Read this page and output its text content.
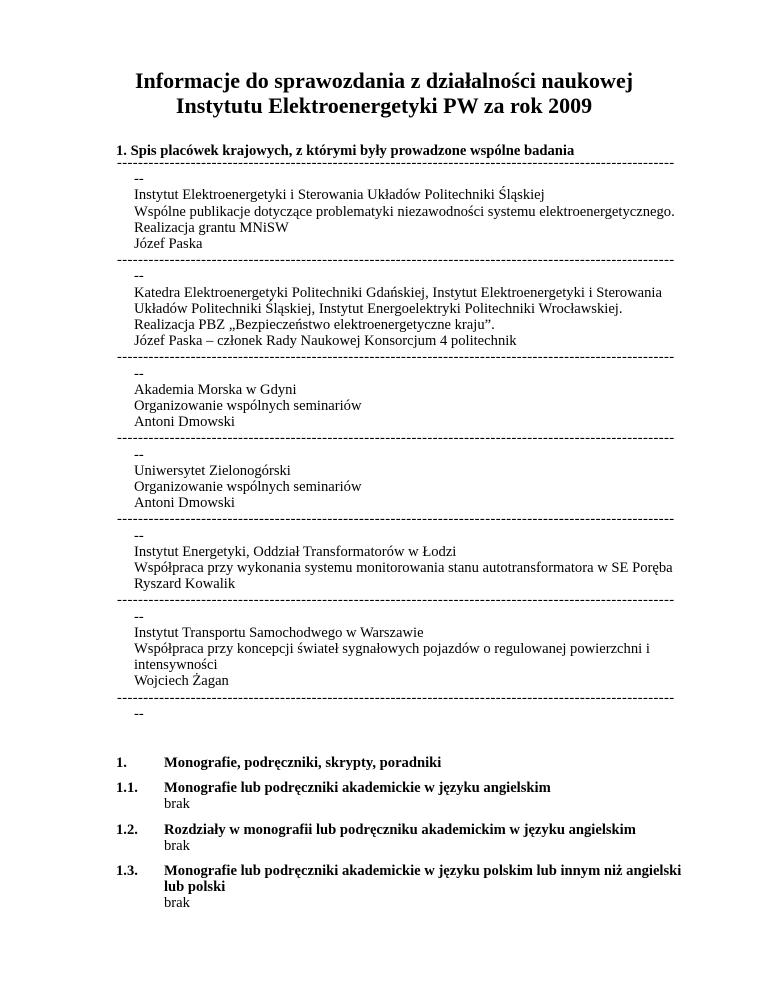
Informacje do sprawozdania z działalności naukowej
Instytutu Elektroenergetyki PW za rok 2009
1. Spis placówek krajowych, z którymi były prowadzone wspólne badania
----------------------------------------------------------------------------------------------------------
--
Instytut Elektroenergetyki i Sterowania Układów Politechniki Śląskiej
Wspólne publikacje dotyczące problematyki niezawodności systemu elektroenergetycznego.
Realizacja grantu MNiSW
Józef Paska
----------------------------------------------------------------------------------------------------------
--
Katedra Elektroenergetyki Politechniki Gdańskiej, Instytut Elektroenergetyki i Sterowania
Układów Politechniki Śląskiej, Instytut Energoelektryki Politechniki Wrocławskiej.
Realizacja PBZ „Bezpieczeństwo elektroenergetyczne kraju”.
Józef Paska – członek Rady Naukowej Konsorcjum 4 politechnik
----------------------------------------------------------------------------------------------------------
--
Akademia Morska w Gdyni
Organizowanie wspólnych seminariów
Antoni Dmowski
----------------------------------------------------------------------------------------------------------
--
Uniwersytet Zielonogórski
Organizowanie wspólnych seminariów
Antoni Dmowski
----------------------------------------------------------------------------------------------------------
--
Instytut Energetyki, Oddział Transformatorów w Łodzi
Współpraca przy wykonania systemu monitorowania stanu autotransformatora w SE Poręba
Ryszard Kowalik
----------------------------------------------------------------------------------------------------------
--
Instytut Transportu Samochodwego w Warszawie
Współpraca przy koncepcji świateł sygnałowych pojazdów o regulowanej powierzchni i
intensywności
Wojciech Żagan
----------------------------------------------------------------------------------------------------------
--
1.	Monografie, podręczniki, skrypty, poradniki
1.1. Monografie lub podręczniki akademickie w języku angielskim
brak
1.2. Rozdziały w monografii lub podręczniku akademickim w języku angielskim
brak
1.3. Monografie lub podręczniki akademickie w języku polskim lub innym niż angielski
lub polski
brak
